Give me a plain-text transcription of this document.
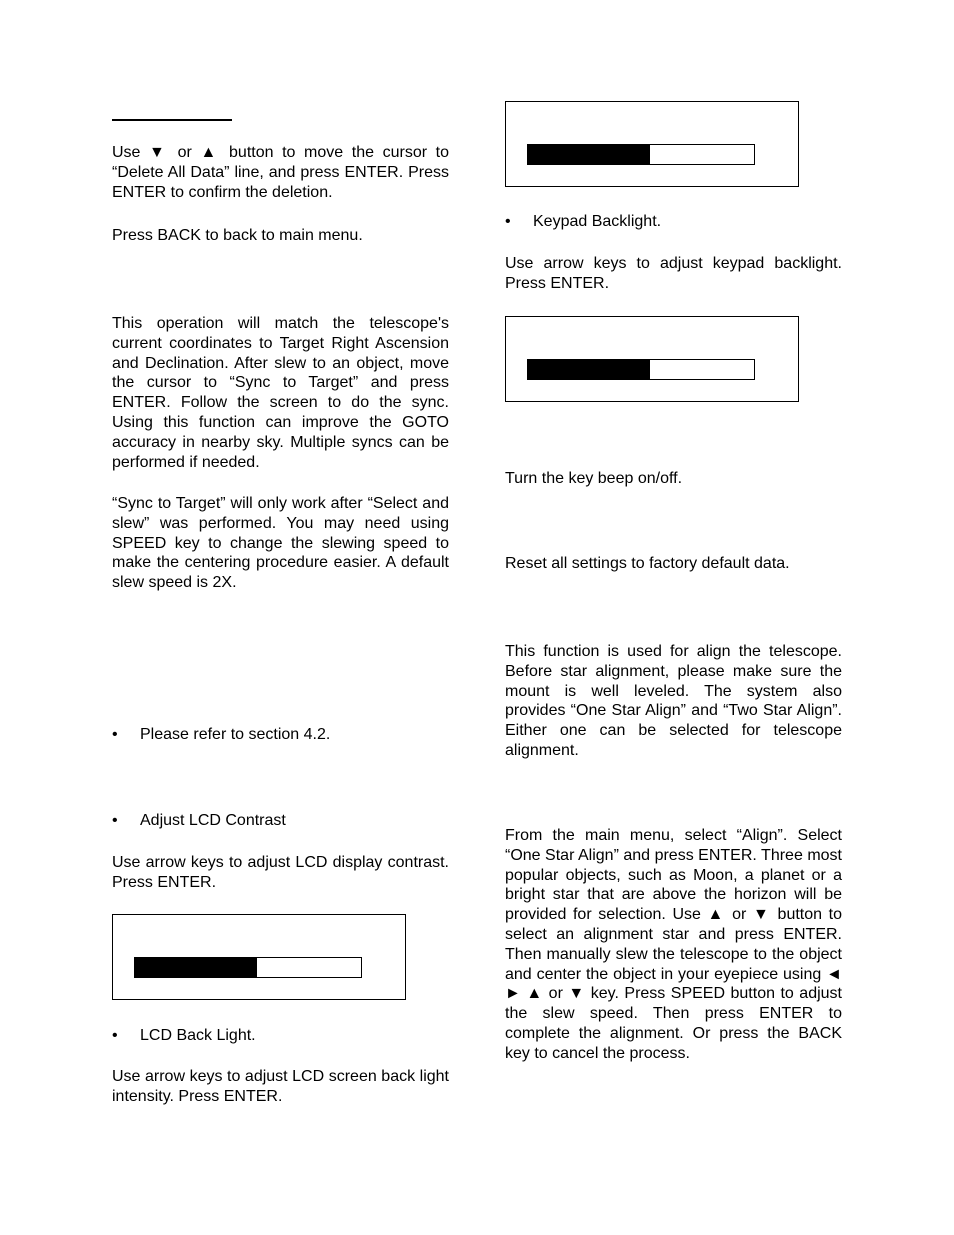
Use ▼ or ▲ button to move the cursor to “Delete All Data” line, and press ENTER. Press ENTER to confirm the deletion.

Press BACK to back to main menu.

This operation will match the telescope's current coordinates to Target Right Ascension and Declination. After slew to an object, move the cursor to “Sync to Target” and press ENTER. Follow the screen to do the sync. Using this function can improve the GOTO accuracy in nearby sky. Multiple syncs can be performed if needed.

“Sync to Target” will only work after “Select and slew” was performed. You may need using SPEED key to change the slewing speed to make the centering procedure easier. A default slew speed is 2X.

• Please refer to section 4.2.
• Adjust LCD Contrast

Use arrow keys to adjust LCD display contrast. Press ENTER.

• LCD Back Light.

Use arrow keys to adjust LCD screen back light intensity. Press ENTER.

• Keypad Backlight.

Use arrow keys to adjust keypad backlight. Press ENTER.

Turn the key beep on/off.

Reset all settings to factory default data.

This function is used for align the telescope. Before star alignment, please make sure the mount is well leveled. The system also provides “One Star Align” and “Two Star Align”. Either one can be selected for telescope alignment.

From the main menu, select “Align”. Select “One Star Align” and press ENTER. Three most popular objects, such as Moon, a planet or a bright star that are above the horizon will be provided for selection. Use ▲ or ▼ button to select an alignment star and press ENTER. Then manually slew the telescope to the object and center the object in your eyepiece using ◄ ► ▲ or ▼ key. Press SPEED button to adjust the slew speed. Then press ENTER to complete the alignment. Or press the BACK key to cancel the process.
